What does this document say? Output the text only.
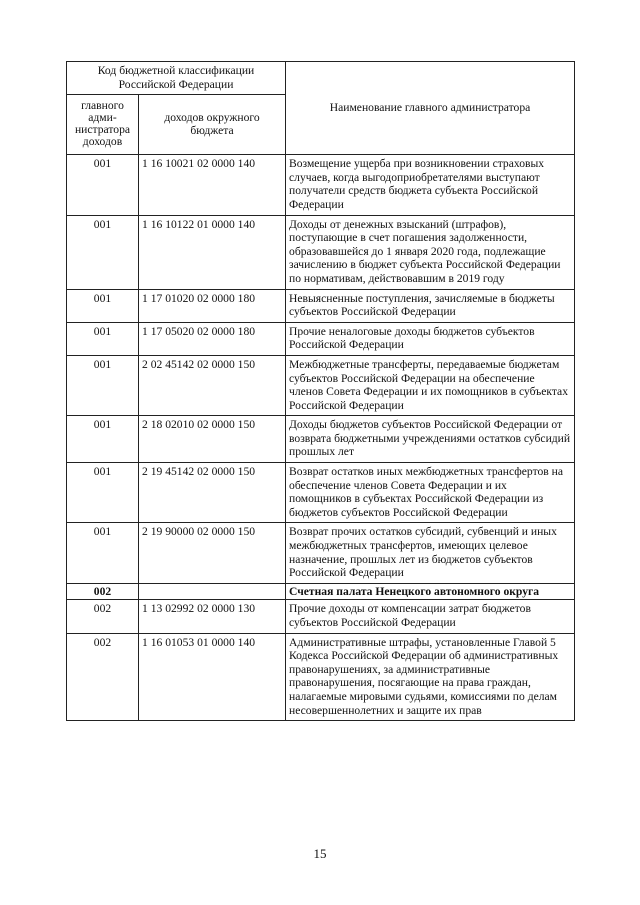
Код бюджетной классификации Российской Федерации		Наименование главного администратора
главного адми-нистратора доходов	доходов окружного бюджета	
001	1 16 10021 02 0000 140	Возмещение ущерба при возникновении страховых случаев, когда выгодоприобретателями выступают получатели средств бюджета субъекта Российской Федерации
001	1 16 10122 01 0000 140	Доходы от денежных взысканий (штрафов), поступающие в счет погашения задолженности, образовавшейся до 1 января 2020 года, подлежащие зачислению в бюджет субъекта Российской Федерации по нормативам, действовавшим в 2019 году
001	1 17 01020 02 0000 180	Невыясненные поступления, зачисляемые в бюджеты субъектов Российской Федерации
001	1 17 05020 02 0000 180	Прочие неналоговые доходы бюджетов субъектов Российской Федерации
001	2 02 45142 02 0000 150	Межбюджетные трансферты, передаваемые бюджетам субъектов Российской Федерации на обеспечение членов Совета Федерации и их помощников в субъектах Российской Федерации
001	2 18 02010 02 0000 150	Доходы бюджетов субъектов Российской Федерации от возврата бюджетными учреждениями остатков субсидий прошлых лет
001	2 19 45142 02 0000 150	Возврат остатков иных межбюджетных трансфертов на обеспечение членов Совета Федерации и их помощников в субъектах Российской Федерации из бюджетов субъектов Российской Федерации
001	2 19 90000 02 0000 150	Возврат прочих остатков субсидий, субвенций и иных межбюджетных трансфертов, имеющих целевое назначение, прошлых лет из бюджетов субъектов Российской Федерации
002		Счетная палата Ненецкого автономного округа
002	1 13 02992 02 0000 130	Прочие доходы от компенсации затрат бюджетов субъектов Российской Федерации
002	1 16 01053 01 0000 140	Административные штрафы, установленные Главой 5 Кодекса Российской Федерации об административных правонарушениях, за административные правонарушения, посягающие на права граждан, налагаемые мировыми судьями, комиссиями по делам несовершеннолетних и защите их прав
15
